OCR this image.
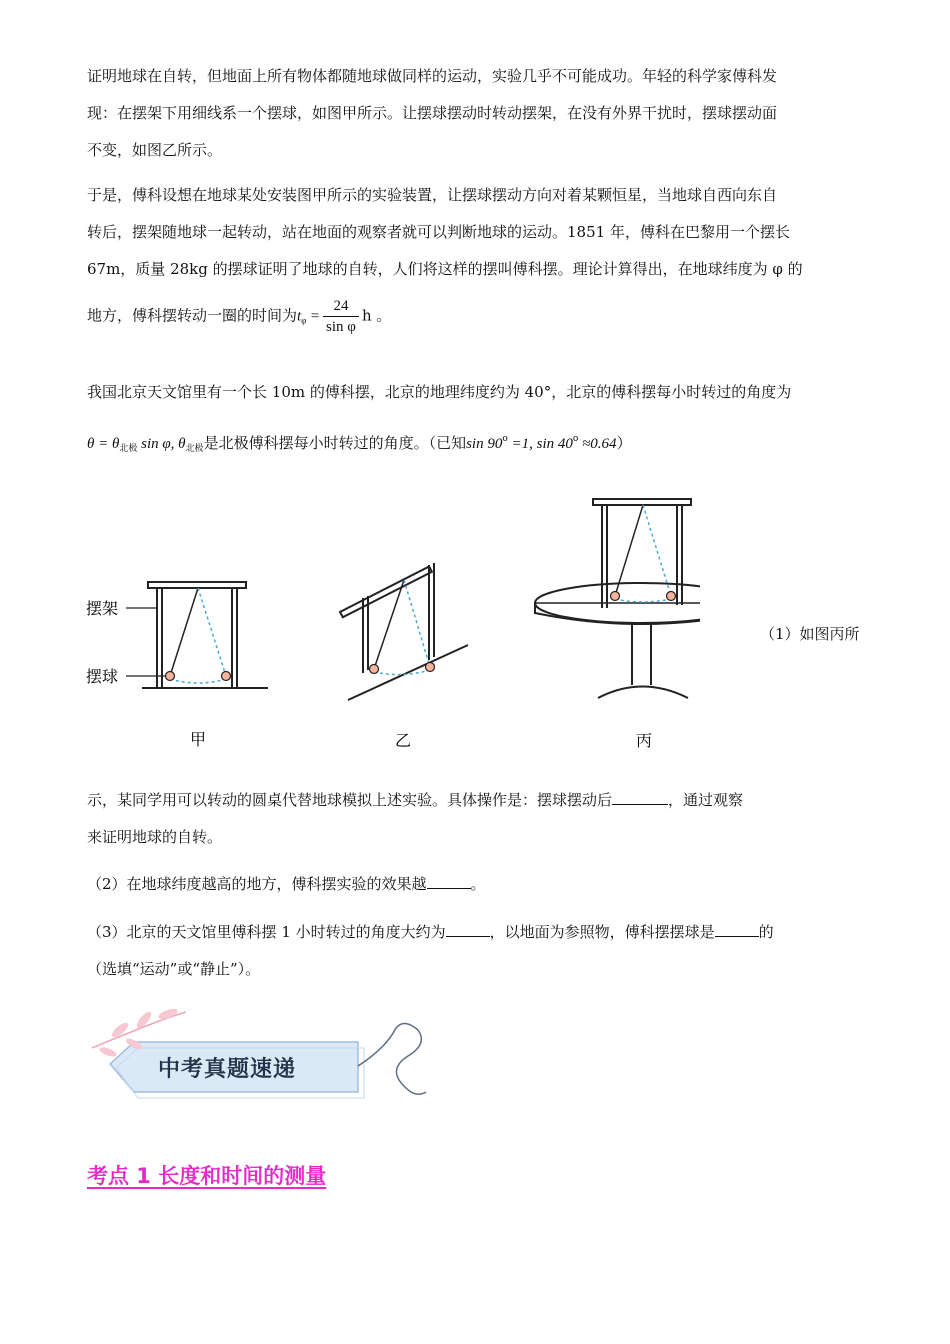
证明地球在自转，但地面上所有物体都随地球做同样的运动，实验几乎不可能成功。年轻的科学家傅科发
现：在摆架下用细线系一个摆球，如图甲所示。让摆球摆动时转动摆架，在没有外界干扰时，摆球摆动面
不变，如图乙所示。
于是，傅科设想在地球某处安装图甲所示的实验装置，让摆球摆动方向对着某颗恒星，当地球自西向东自
转后，摆架随地球一起转动，站在地面的观察者就可以判断地球的运动。1851 年，傅科在巴黎用一个摆长
67m，质量 28kg 的摆球证明了地球的自转，人们将这样的摆叫傅科摆。理论计算得出，在地球纬度为 φ 的
地方，傅科摆转动一圈的时间为$t_\varphi = \frac{24}{\text{sin φ}}$ h 。
我国北京天文馆里有一个长 10m 的傅科摆，北京的地理纬度约为 40°，北京的傅科摆每小时转过的角度为
$\theta = \theta_{北极}$ sin φ, $\theta_{北极}$是北极傅科摆每小时转过的角度。（已知$\sin 90^o =1$, $\sin 40^o \approx 0.64$）
摆架
摆球
甲	乙	丙
（1）如图丙所
示，某同学用可以转动的圆桌代替地球模拟上述实验。具体操作是：摆球摆动后	，通过观察
来证明地球的自转。
（2）在地球纬度越高的地方，傅科摆实验的效果越	。
（3）北京的天文馆里傅科摆 1 小时转过的角度大约为	，以地面为参照物，傅科摆摆球是	的
（选填“运动”或“静止”）。
中考真题速递
考点 1 长度和时间的测量
